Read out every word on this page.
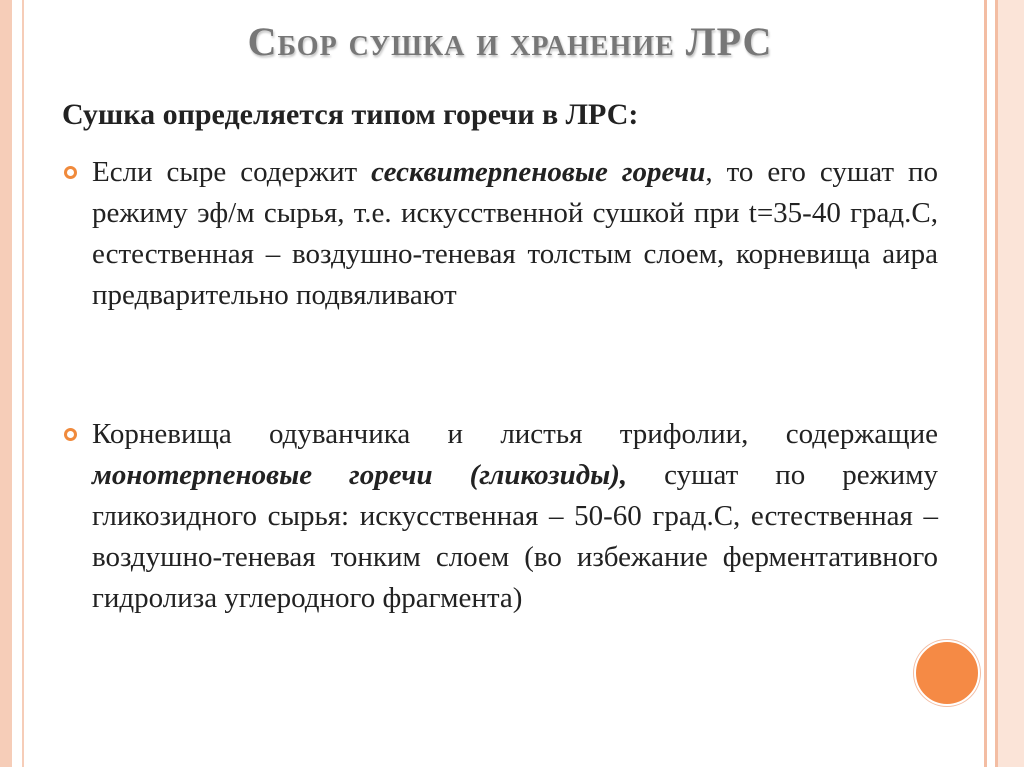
Сбор сушка и хранение ЛРС
Сушка определяется типом горечи в ЛРС:
Если сыре содержит сесквитерпеновые горечи, то его сушат по режиму эф/м сырья, т.е. искусственной сушкой при t=35-40 град.С, естественная – воздушно-теневая толстым слоем, корневища аира предварительно подвяливают
Корневища одуванчика и листья трифолии, содержащие монотерпеновые горечи (гликозиды), сушат по режиму гликозидного сырья: искусственная – 50-60 град.С, естественная – воздушно-теневая тонким слоем (во избежание ферментативного гидролиза углеродного фрагмента)
